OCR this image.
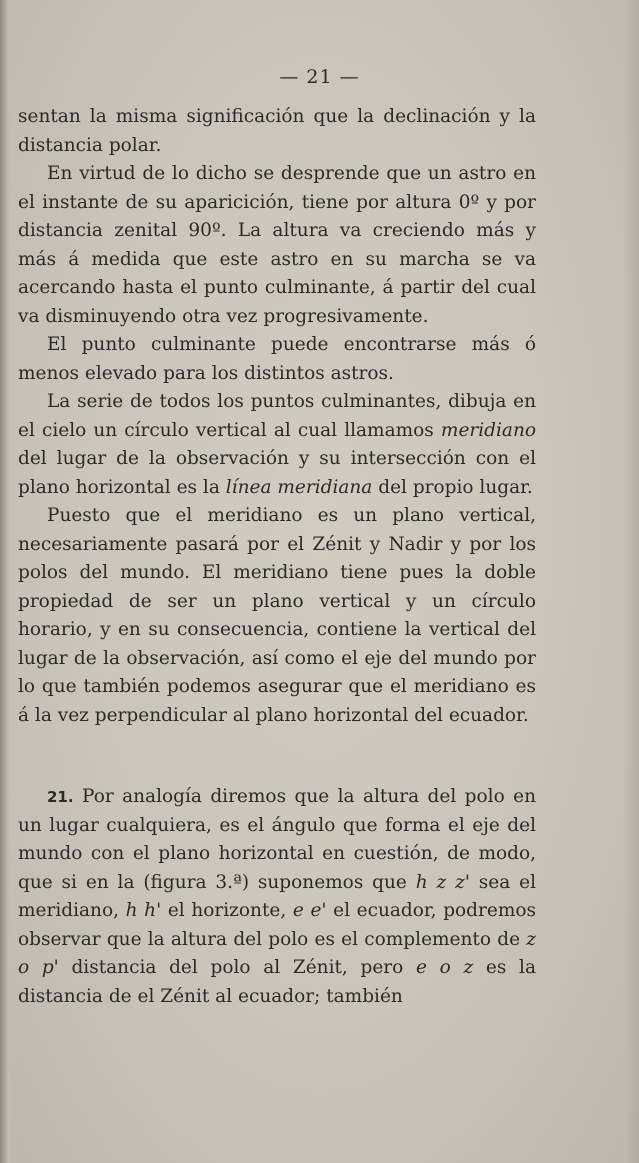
— 21 —

sentan la misma significación que la declinación y la distancia polar.

En virtud de lo dicho se desprende que un astro en el instante de su aparicición, tiene por altura 0º y por distancia zenital 90º. La altura va creciendo más y más á medida que este astro en su marcha se va acercando hasta el punto culminante, á partir del cual va disminuyendo otra vez progresivamente.

El punto culminante puede encontrarse más ó menos elevado para los distintos astros.

La serie de todos los puntos culminantes, dibuja en el cielo un círculo vertical al cual llamamos meridiano del lugar de la observación y su intersección con el plano horizontal es la línea meridiana del propio lugar.

Puesto que el meridiano es un plano vertical, necesariamente pasará por el Zénit y Nadir y por los polos del mundo. El meridiano tiene pues la doble propiedad de ser un plano vertical y un círculo horario, y en su consecuencia, contiene la vertical del lugar de la observación, así como el eje del mundo por lo que también podemos asegurar que el meridiano es á la vez perpendicular al plano horizontal del ecuador.

21. Por analogía diremos que la altura del polo en un lugar cualquiera, es el ángulo que forma el eje del mundo con el plano horizontal en cuestión, de modo, que si en la (figura 3.ª) suponemos que h z z' sea el meridiano, h h' el horizonte, e e' el ecuador, podremos observar que la altura del polo es el complemento de z o p' distancia del polo al Zénit, pero e o z es la distancia de el Zénit al ecuador; también
